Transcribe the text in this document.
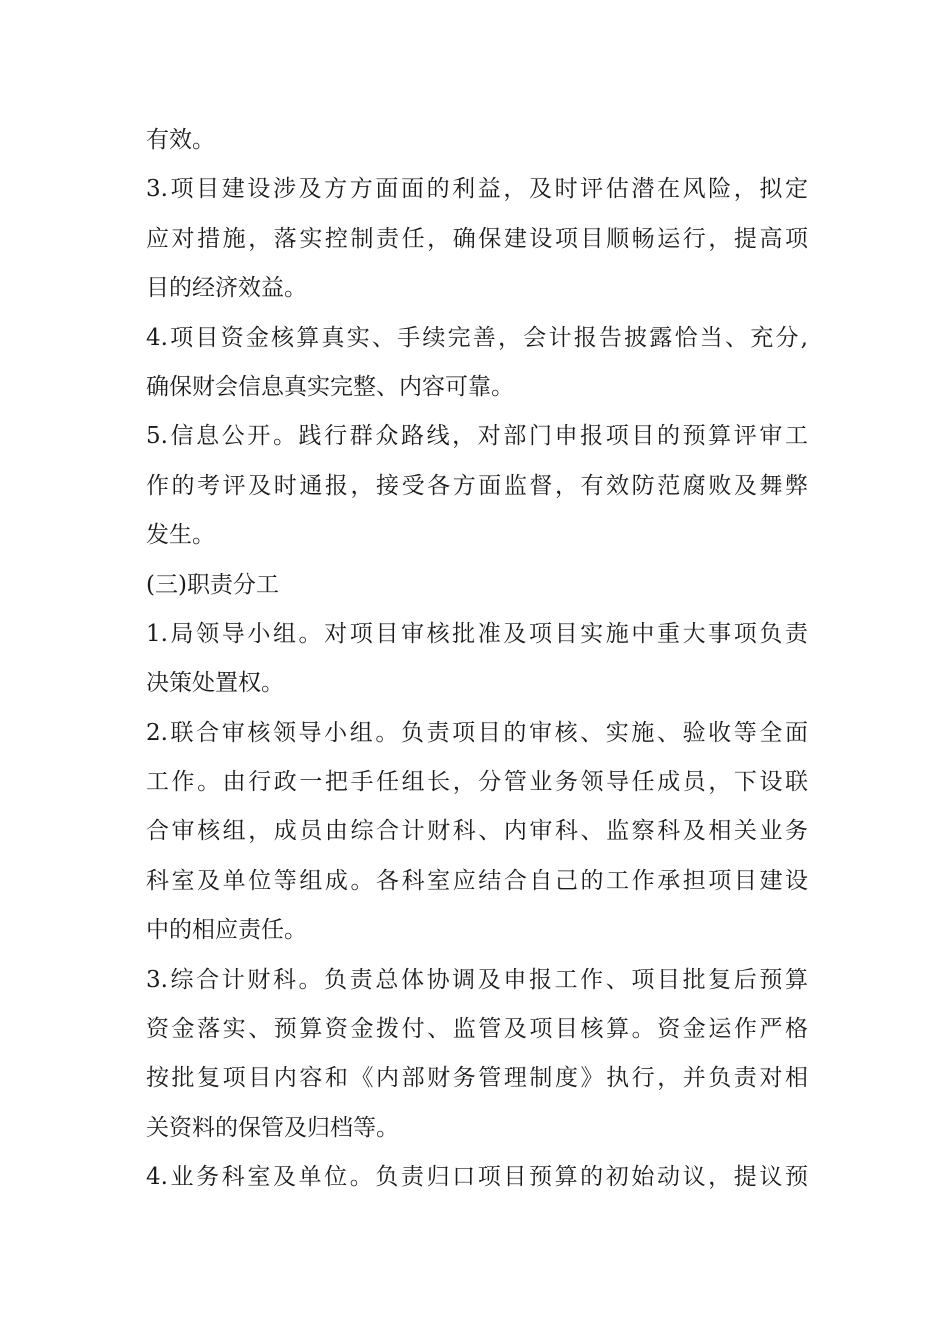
有效。
3.项目建设涉及方方面面的利益，及时评估潜在风险，拟定
应对措施，落实控制责任，确保建设项目顺畅运行，提高项
目的经济效益。
4.项目资金核算真实、手续完善，会计报告披露恰当、充分,
确保财会信息真实完整、内容可靠。
5.信息公开。践行群众路线，对部门申报项目的预算评审工
作的考评及时通报，接受各方面监督，有效防范腐败及舞弊
发生。
(三)职责分工
1.局领导小组。对项目审核批准及项目实施中重大事项负责
决策处置权。
2.联合审核领导小组。负责项目的审核、实施、验收等全面
工作。由行政一把手任组长，分管业务领导任成员，下设联
合审核组，成员由综合计财科、内审科、监察科及相关业务
科室及单位等组成。各科室应结合自己的工作承担项目建设
中的相应责任。
3.综合计财科。负责总体协调及申报工作、项目批复后预算
资金落实、预算资金拨付、监管及项目核算。资金运作严格
按批复项目内容和《内部财务管理制度》执行，并负责对相
关资料的保管及归档等。
4.业务科室及单位。负责归口项目预算的初始动议，提议预
